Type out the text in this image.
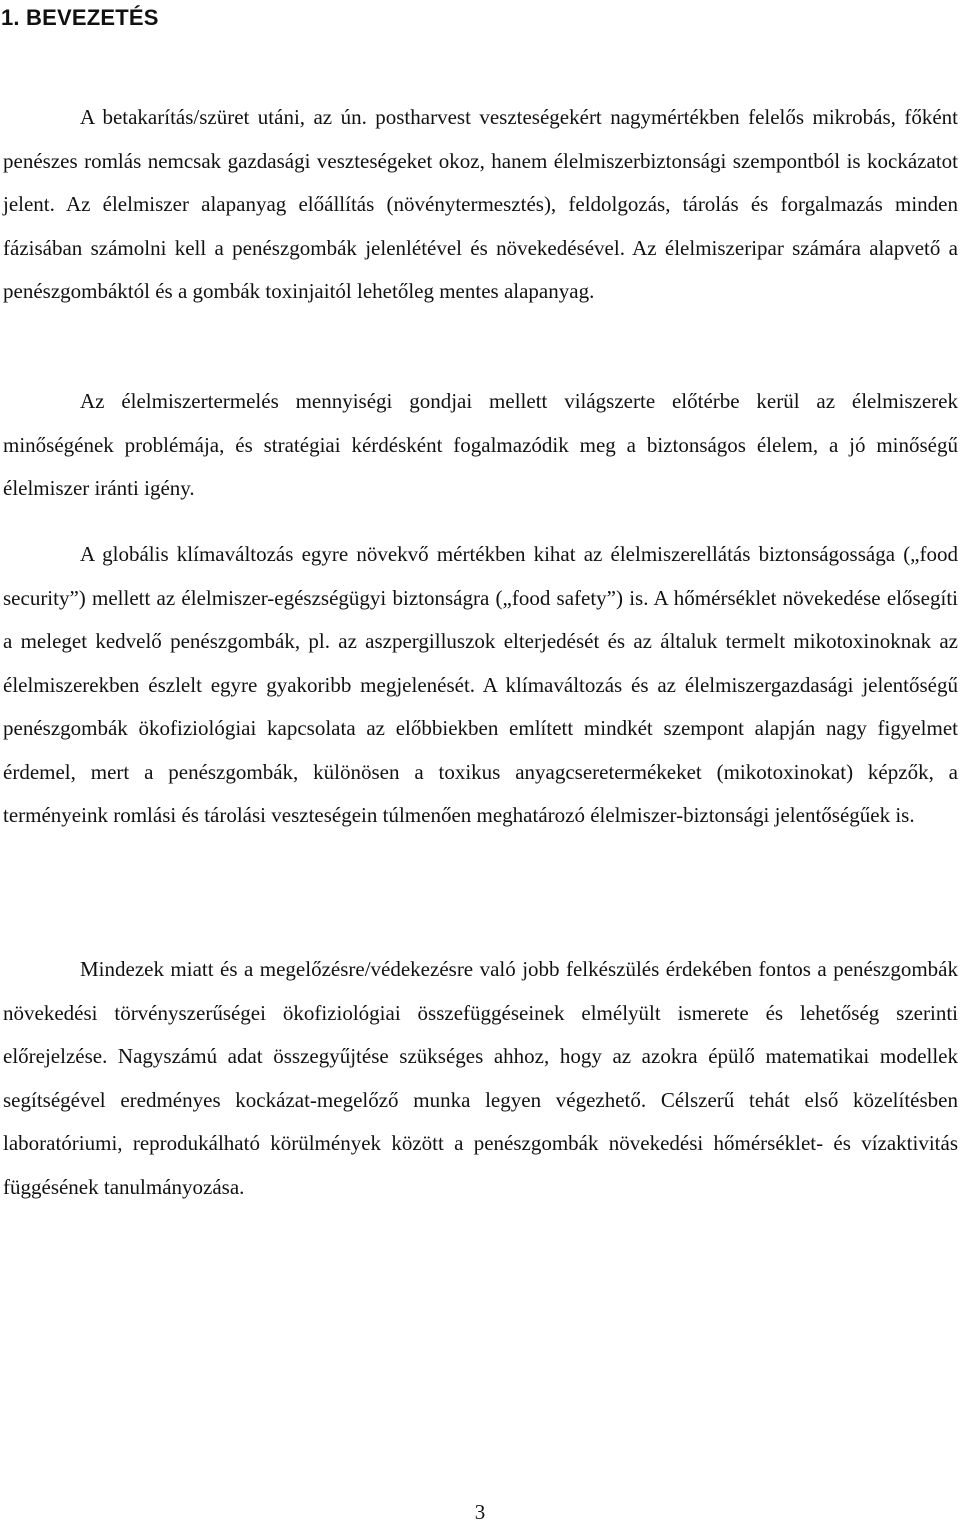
1. BEVEZETÉS

A betakarítás/szüret utáni, az ún. postharvest veszteségekért nagymértékben felelős mikrobás, főként penészes romlás nemcsak gazdasági veszteségeket okoz, hanem élelmiszerbiztonsági szempontból is kockázatot jelent. Az élelmiszer alapanyag előállítás (növénytermesztés), feldolgozás, tárolás és forgalmazás minden fázisában számolni kell a penészgombák jelenlétével és növekedésével. Az élelmiszeripar számára alapvető a penészgombáktól és a gombák toxinjaitól lehetőleg mentes alapanyag.

Az élelmiszertermelés mennyiségi gondjai mellett világszerte előtérbe kerül az élelmiszerek minőségének problémája, és stratégiai kérdésként fogalmazódik meg a biztonságos élelem, a jó minőségű élelmiszer iránti igény.

A globális klímaváltozás egyre növekvő mértékben kihat az élelmiszerellátás biztonságossága („food security”) mellett az élelmiszer-egészségügyi biztonságra („food safety”) is. A hőmérséklet növekedése elősegíti a meleget kedvelő penészgombák, pl. az aszpergilluszok elterjedését és az általuk termelt mikotoxinoknak az élelmiszerekben észlelt egyre gyakoribb megjelenését. A klímaváltozás és az élelmiszergazdasági jelentőségű penészgombák ökofiziológiai kapcsolata az előbbiekben említett mindkét szempont alapján nagy figyelmet érdemel, mert a penészgombák, különösen a toxikus anyagcseretermékeket (mikotoxinokat) képzők, a terményeink romlási és tárolási veszteségein túlmenően meghatározó élelmiszer-biztonsági jelentőségűek is.

Mindezek miatt és a megelőzésre/védekezésre való jobb felkészülés érdekében fontos a penészgombák növekedési törvényszerűségei ökofiziológiai összefüggéseinek elmélyült ismerete és lehetőség szerinti előrejelzése. Nagyszámú adat összegyűjtése szükséges ahhoz, hogy az azokra épülő matematikai modellek segítségével eredményes kockázat-megelőző munka legyen végezhető. Célszerű tehát első közelítésben laboratóriumi, reprodukálható körülmények között a penészgombák növekedési hőmérséklet- és vízaktivitás függésének tanulmányozása.

3
